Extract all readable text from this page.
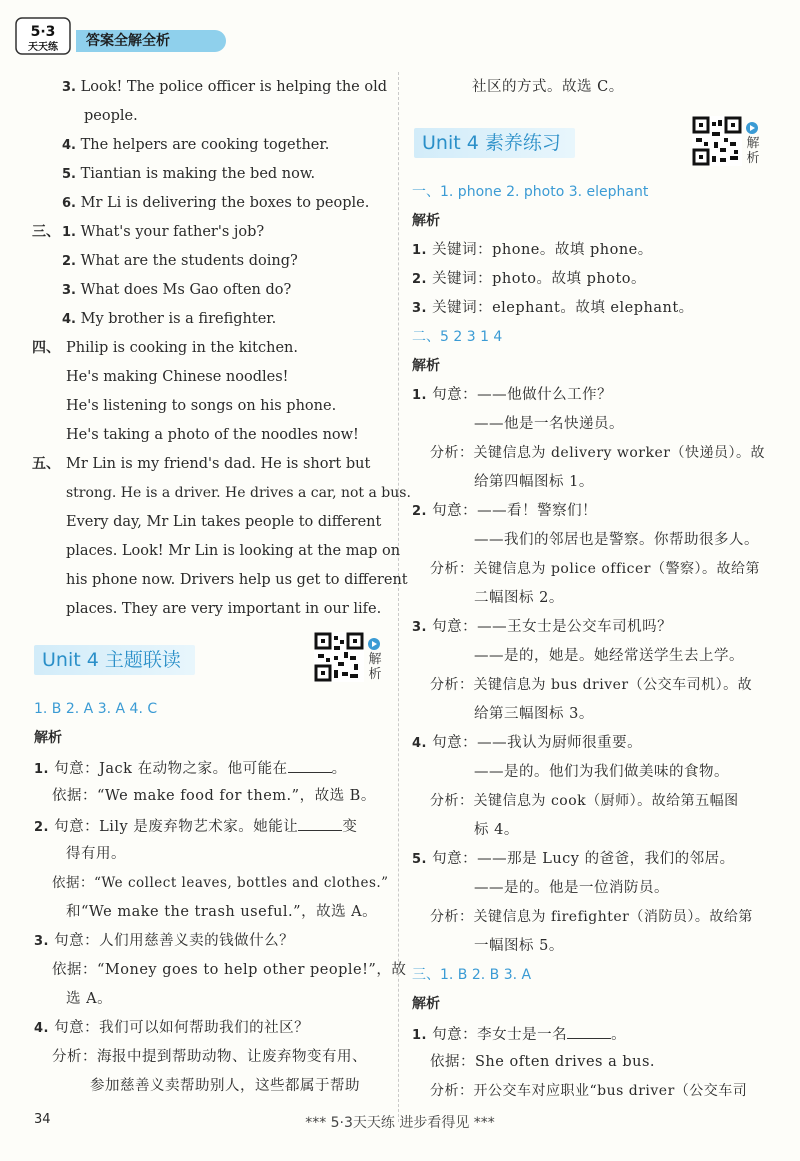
5·3
天天练	答案全解全析
3. Look! The police officer is helping the old
people.
4. The helpers are cooking together.
5. Tiantian is making the bed now.
6. Mr Li is delivering the boxes to people.
三、 1. What's your father's job?
2. What are the students doing?
3. What does Ms Gao often do?
4. My brother is a firefighter.
四、 Philip is cooking in the kitchen.
He's making Chinese noodles!
He's listening to songs on his phone.
He's taking a photo of the noodles now!
五、 Mr Lin is my friend's dad. He is short but
strong. He is a driver. He drives a car, not a bus.
Every day, Mr Lin takes people to different
places. Look! Mr Lin is looking at the map on
his phone now. Drivers help us get to different
places. They are very important in our life.
Unit 4 主题联读	解析
1. B 2. A 3. A 4. C
解析
1. 句意：Jack 在动物之家。他可能在	。
依据：“We make food for them.”，故选 B。
2. 句意：Lily 是废弃物艺术家。她能让	变
得有用。
依据：“We collect leaves, bottles and clothes.”
和“We make the trash useful.”，故选 A。
3. 句意：人们用慈善义卖的钱做什么？
依据：“Money goes to help other people!”，故
选 A。
4. 句意：我们可以如何帮助我们的社区？
分析：海报中提到帮助动物、让废弃物变有用、
参加慈善义卖帮助别人，这些都属于帮助
社区的方式。故选 C。
Unit 4 素养练习	解析
一、1. phone 2. photo 3. elephant
解析
1. 关键词：phone。故填 phone。
2. 关键词：photo。故填 photo。
3. 关键词：elephant。故填 elephant。
二、5 2 3 1 4
解析
1. 句意：——他做什么工作？
——他是一名快递员。
分析：关键信息为 delivery worker（快递员）。故
给第四幅图标 1。
2. 句意：——看！警察们！
——我们的邻居也是警察。你帮助很多人。
分析：关键信息为 police officer（警察）。故给第
二幅图标 2。
3. 句意：——王女士是公交车司机吗？
——是的，她是。她经常送学生去上学。
分析：关键信息为 bus driver（公交车司机）。故
给第三幅图标 3。
4. 句意：——我认为厨师很重要。
——是的。他们为我们做美味的食物。
分析：关键信息为 cook（厨师）。故给第五幅图
标 4。
5. 句意：——那是 Lucy 的爸爸，我们的邻居。
——是的。他是一位消防员。
分析：关键信息为 firefighter（消防员）。故给第
一幅图标 5。
三、1. B 2. B 3. A
解析
1. 句意：李女士是一名	。
依据：She often drives a bus.
分析：开公交车对应职业“bus driver（公交车司
34	*** 5·3天天练 进步看得见 ***
